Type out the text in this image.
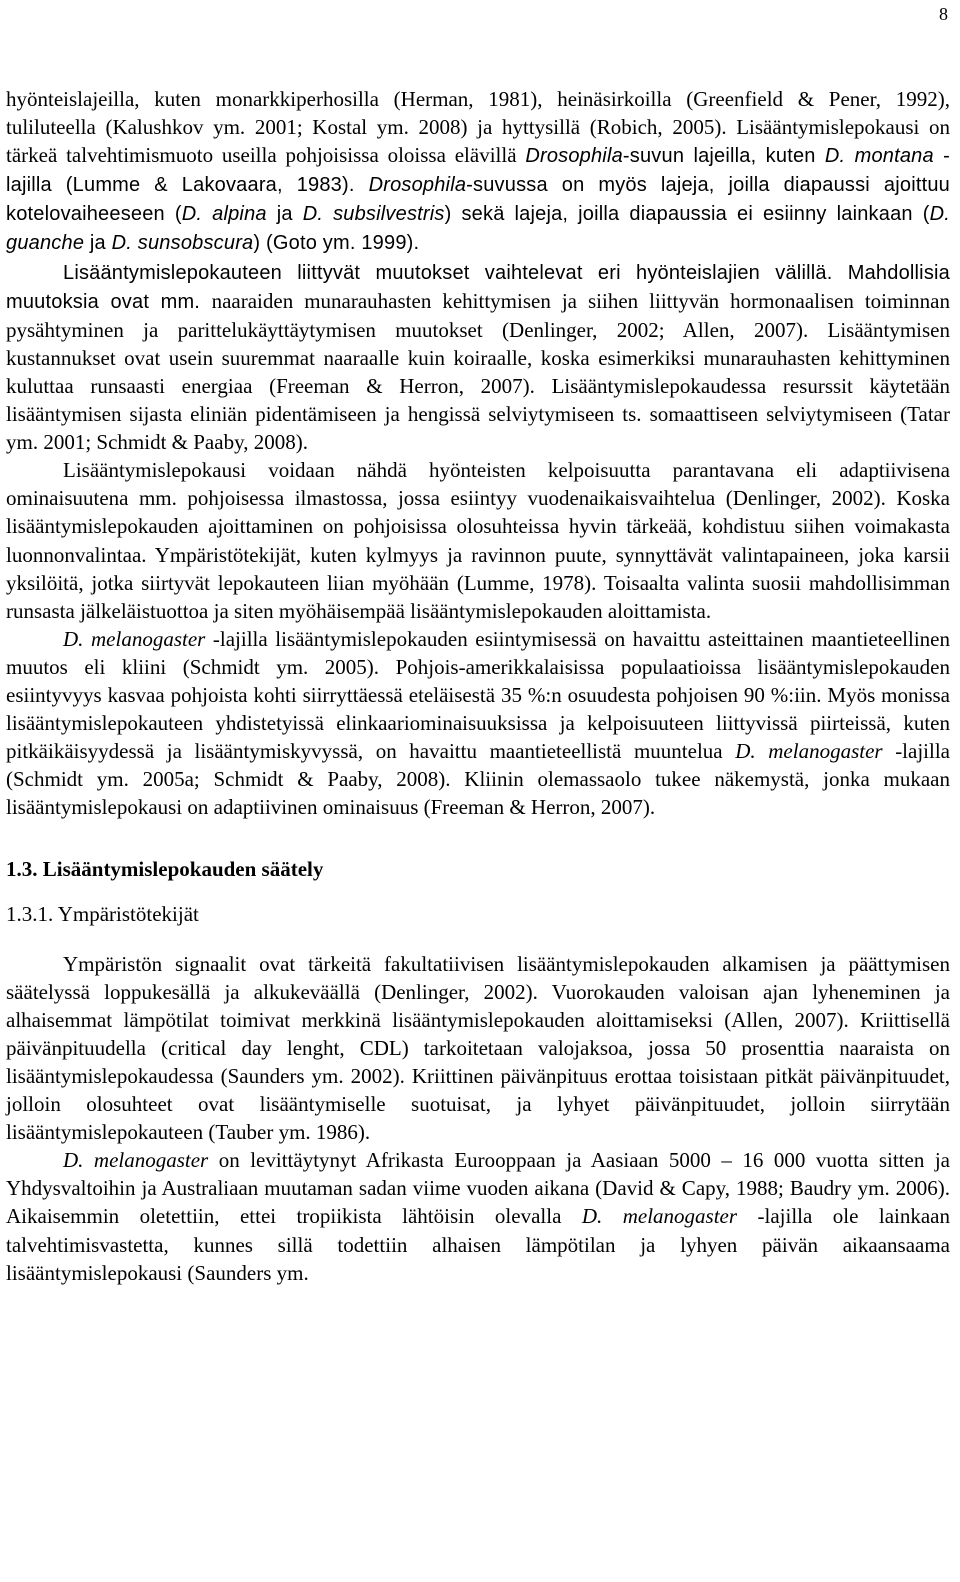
8

hyönteislajeilla, kuten monarkkiperhosilla (Herman, 1981), heinäsirkoilla (Greenfield & Pener, 1992), tuliluteella (Kalushkov ym. 2001; Kostal ym. 2008) ja hyttysillä (Robich, 2005). Lisääntymislepokausi on tärkeä talvehtimismuoto useilla pohjoisissa oloissa elävillä Drosophila-suvun lajeilla, kuten D. montana -lajilla (Lumme & Lakovaara, 1983). Drosophila-suvussa on myös lajeja, joilla diapaussi ajoittuu kotelovaiheeseen (D. alpina ja D. subsilvestris) sekä lajeja, joilla diapaussia ei esiinny lainkaan (D. guanche ja D. sunsobscura) (Goto ym. 1999).
Lisääntymislepokauteen liittyvät muutokset vaihtelevat eri hyönteislajien välillä. Mahdollisia muutoksia ovat mm. naaraiden munarauhasten kehittymisen ja siihen liittyvän hormonaalisen toiminnan pysähtyminen ja parittelukäyttäytymisen muutokset (Denlinger, 2002; Allen, 2007). Lisääntymisen kustannukset ovat usein suuremmat naaraalle kuin koiraalle, koska esimerkiksi munarauhasten kehittyminen kuluttaa runsaasti energiaa (Freeman & Herron, 2007). Lisääntymislepokaudessa resurssit käytetään lisääntymisen sijasta eliniän pidentämiseen ja hengissä selviytymiseen ts. somaattiseen selviytymiseen (Tatar ym. 2001; Schmidt & Paaby, 2008).

Lisääntymislepokausi voidaan nähdä hyönteisten kelpoisuutta parantavana eli adaptiivisena ominaisuutena mm. pohjoisessa ilmastossa, jossa esiintyy vuodenaikaisvaihtelua (Denlinger, 2002). Koska lisääntymislepokauden ajoittaminen on pohjoisissa olosuhteissa hyvin tärkeää, kohdistuu siihen voimakasta luonnonvalintaa. Ympäristötekijät, kuten kylmyys ja ravinnon puute, synnyttävät valintapaineen, joka karsii yksilöitä, jotka siirtyvät lepokauteen liian myöhään (Lumme, 1978). Toisaalta valinta suosii mahdollisimman runsasta jälkeläistuottoa ja siten myöhäisempää lisääntymislepokauden aloittamista.

D. melanogaster -lajilla lisääntymislepokauden esiintymisessä on havaittu asteittainen maantieteellinen muutos eli kliini (Schmidt ym. 2005). Pohjois-amerikkalaisissa populaatioissa lisääntymislepokauden esiintyvyys kasvaa pohjoista kohti siirryttäessä eteläisestä 35 %:n osuudesta pohjoisen 90 %:iin. Myös monissa lisääntymislepokauteen yhdistetyissä elinkaariominaisuuksissa ja kelpoisuuteen liittyvissä piirteissä, kuten pitkäikäisyydessä ja lisääntymiskyvyssä, on havaittu maantieteellistä muuntelua D. melanogaster -lajilla (Schmidt ym. 2005a; Schmidt & Paaby, 2008). Kliinin olemassaolo tukee näkemystä, jonka mukaan lisääntymislepokausi on adaptiivinen ominaisuus (Freeman & Herron, 2007).

1.3. Lisääntymislepokauden säätely
1.3.1. Ympäristötekijät

Ympäristön signaalit ovat tärkeitä fakultatiivisen lisääntymislepokauden alkamisen ja päättymisen säätelyssä loppukesällä ja alkukeväällä (Denlinger, 2002). Vuorokauden valoisan ajan lyheneminen ja alhaisemmat lämpötilat toimivat merkkinä lisääntymislepokauden aloittamiseksi (Allen, 2007). Kriittisellä päivänpituudella (critical day lenght, CDL) tarkoitetaan valojaksoa, jossa 50 prosenttia naaraista on lisääntymislepokaudessa (Saunders ym. 2002). Kriittinen päivänpituus erottaa toisistaan pitkät päivänpituudet, jolloin olosuhteet ovat lisääntymiselle suotuisat, ja lyhyet päivänpituudet, jolloin siirrytään lisääntymislepokauteen (Tauber ym. 1986).

D. melanogaster on levittäytynyt Afrikasta Eurooppaan ja Aasiaan 5000 – 16 000 vuotta sitten ja Yhdysvaltoihin ja Australiaan muutaman sadan viime vuoden aikana (David & Capy, 1988; Baudry ym. 2006). Aikaisemmin oletettiin, ettei tropiikista lähtöisin olevalla D. melanogaster -lajilla ole lainkaan talvehtimisvastetta, kunnes sillä todettiin alhaisen lämpötilan ja lyhyen päivän aikaansaama lisääntymislepokausi (Saunders ym.
